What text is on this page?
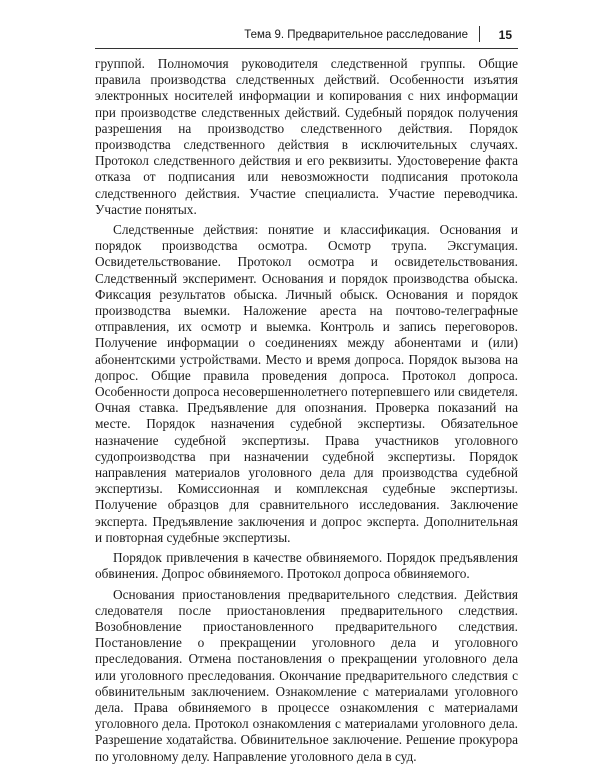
Тема 9. Предварительное расследование	15

группой. Полномочия руководителя следственной группы. Общие правила производства следственных действий. Особенности изъятия электронных носителей информации и копирования с них информации при производстве следственных действий. Судебный порядок получения разрешения на производство следственного действия. Порядок производства следственного действия в исключительных случаях. Протокол следственного действия и его реквизиты. Удостоверение факта отказа от подписания или невозможности подписания протокола следственного действия. Участие специалиста. Участие переводчика. Участие понятых.

Следственные действия: понятие и классификация. Основания и порядок производства осмотра. Осмотр трупа. Эксгумация. Освидетельствование. Протокол осмотра и освидетельствования. Следственный эксперимент. Основания и порядок производства обыска. Фиксация результатов обыска. Личный обыск. Основания и порядок производства выемки. Наложение ареста на почтово-телеграфные отправления, их осмотр и выемка. Контроль и запись переговоров. Получение информации о соединениях между абонентами и (или) абонентскими устройствами. Место и время допроса. Порядок вызова на допрос. Общие правила проведения допроса. Протокол допроса. Особенности допроса несовершеннолетнего потерпевшего или свидетеля. Очная ставка. Предъявление для опознания. Проверка показаний на месте. Порядок назначения судебной экспертизы. Обязательное назначение судебной экспертизы. Права участников уголовного судопроизводства при назначении судебной экспертизы. Порядок направления материалов уголовного дела для производства судебной экспертизы. Комиссионная и комплексная судебные экспертизы. Получение образцов для сравнительного исследования. Заключение эксперта. Предъявление заключения и допрос эксперта. Дополнительная и повторная судебные экспертизы.

Порядок привлечения в качестве обвиняемого. Порядок предъявления обвинения. Допрос обвиняемого. Протокол допроса обвиняемого.

Основания приостановления предварительного следствия. Действия следователя после приостановления предварительного следствия. Возобновление приостановленного предварительного следствия. Постановление о прекращении уголовного дела и уголовного преследования. Отмена постановления о прекращении уголовного дела или уголовного преследования. Окончание предварительного следствия с обвинительным заключением. Ознакомление с материалами уголовного дела. Права обвиняемого в процессе ознакомления с материалами уголовного дела. Протокол ознакомления с материалами уголовного дела. Разрешение ходатайства. Обвинительное заключение. Решение прокурора по уголовному делу. Направление уголовного дела в суд.
